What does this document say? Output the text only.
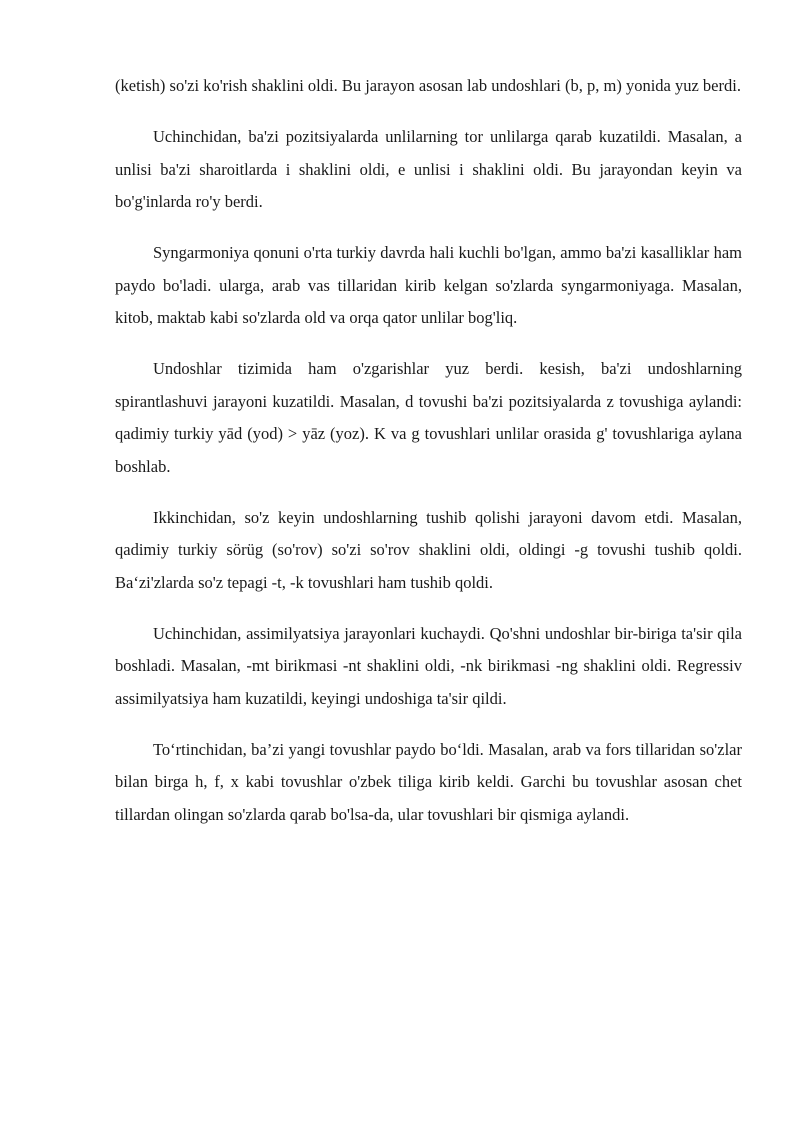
(ketish) so'zi ko'rish shaklini oldi. Bu jarayon asosan lab undoshlari (b, p, m) yonida yuz berdi.

Uchinchidan, ba'zi pozitsiyalarda unlilarning tor unlilarga qarab kuzatildi. Masalan, a unlisi ba'zi sharoitlarda i shaklini oldi, e unlisi i shaklini oldi. Bu jarayondan keyin va bo'g'inlarda ro'y berdi.

Syngarmoniya qonuni o'rta turkiy davrda hali kuchli bo'lgan, ammo ba'zi kasalliklar ham paydo bo'ladi. ularga, arab vas tillaridan kirib kelgan so'zlarda syngarmoniyaga. Masalan, kitob, maktab kabi so'zlarda old va orqa qator unlilar bog'liq.

Undoshlar tizimida ham o'zgarishlar yuz berdi. kesish, ba'zi undoshlarning spirantlashuvi jarayoni kuzatildi. Masalan, d tovushi ba'zi pozitsiyalarda z tovushiga aylandi: qadimiy turkiy yād (yod) > yāz (yoz). K va g tovushlari unlilar orasida g' tovushlariga aylana boshlab.

Ikkinchidan, so'z keyin undoshlarning tushib qolishi jarayoni davom etdi. Masalan, qadimiy turkiy sörüg (so'rov) so'zi so'rov shaklini oldi, oldingi -g tovushi tushib qoldi. Ba‘zi'zlarda so'z tepagi -t, -k tovushlari ham tushib qoldi.

Uchinchidan, assimilyatsiya jarayonlari kuchaydi. Qo'shni undoshlar bir-biriga ta'sir qila boshladi. Masalan, -mt birikmasi -nt shaklini oldi, -nk birikmasi -ng shaklini oldi. Regressiv assimilyatsiya ham kuzatildi, keyingi undoshiga ta'sir qildi.

To‘rtinchidan, ba’zi yangi tovushlar paydo bo‘ldi. Masalan, arab va fors tillaridan so'zlar bilan birga h, f, x kabi tovushlar o'zbek tiliga kirib keldi. Garchi bu tovushlar asosan chet tillardan olingan so'zlarda qarab bo'lsa-da, ular tovushlari bir qismiga aylandi.
